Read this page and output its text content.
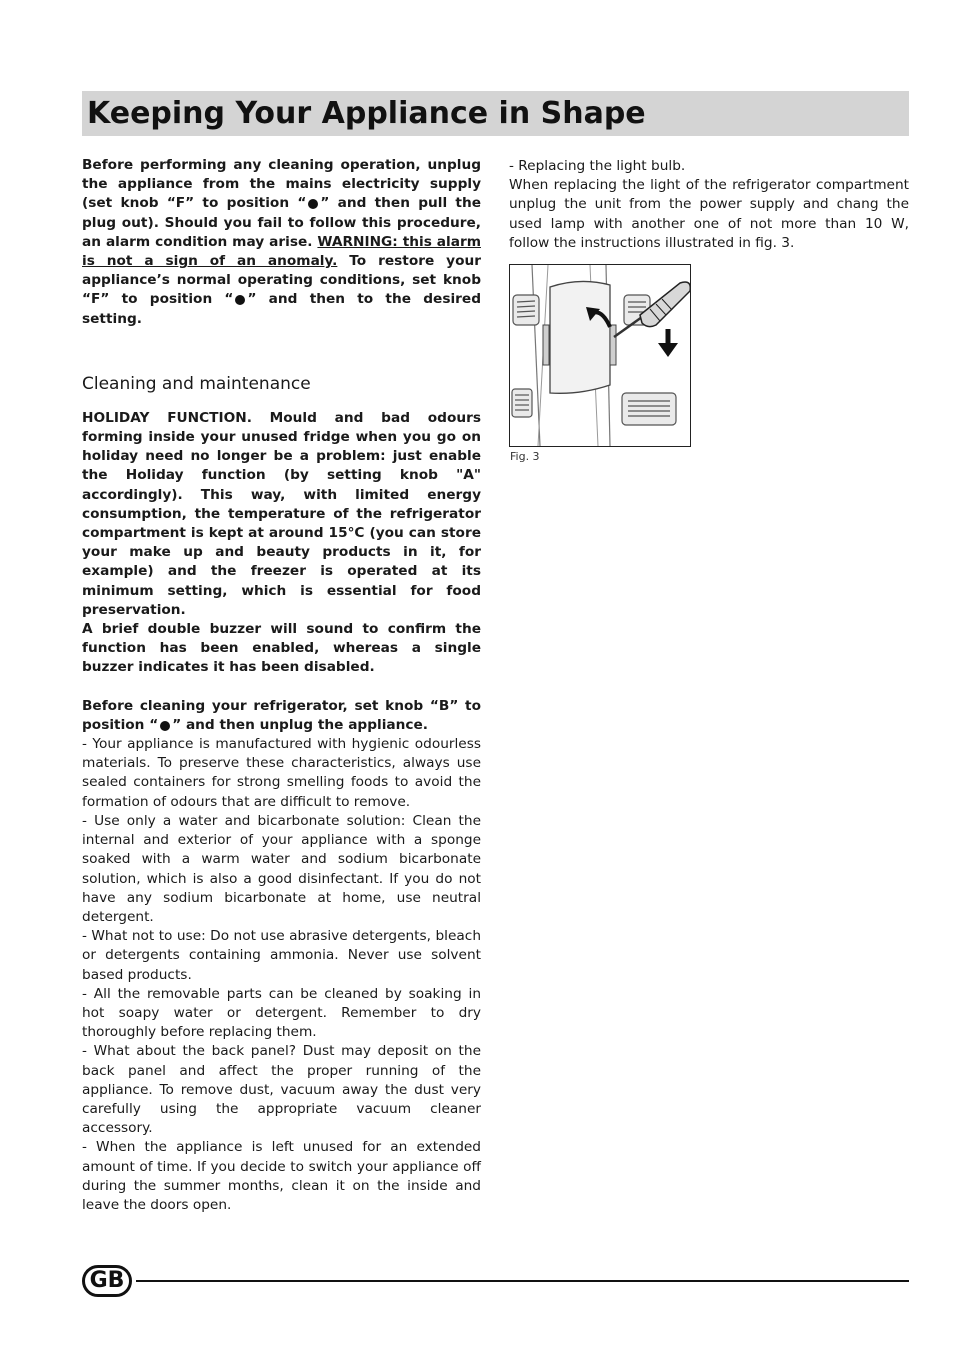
Keeping Your Appliance in Shape

Before performing any cleaning operation, unplug the appliance from the mains electricity supply (set knob “F” to position “ ” and then pull the plug out). Should you fail to follow this procedure, an alarm condition may arise. WARNING: this alarm is not a sign of an anomaly. To restore your appliance’s normal operating conditions, set knob “F” to position “ ” and then to the desired setting.

Cleaning and maintenance

HOLIDAY FUNCTION. Mould and bad odours forming inside your unused fridge when you go on holiday need no longer be a problem: just enable the Holiday function (by setting knob "A" accordingly). This way, with limited energy consumption, the temperature of the refrigerator compartment is kept at around 15°C (you can store your make up and beauty products in it, for example) and the freezer is operated at its minimum setting, which is essential for food preservation.

A brief double buzzer will sound to confirm the function has been enabled, whereas a single buzzer indicates it has been disabled.

Before cleaning your refrigerator, set knob “B” to position “ ” and then unplug the appliance.

- Your appliance is manufactured with hygienic odourless materials. To preserve these characteristics, always use sealed containers for strong smelling foods to avoid the formation of odours that are difficult to remove.

- Use only a water and bicarbonate solution: Clean the internal and exterior of your appliance with a sponge soaked with a warm water and sodium bicarbonate solution, which is also a good disinfectant. If you do not have any sodium bicarbonate at home, use neutral detergent.

- What not to use: Do not use abrasive detergents, bleach or detergents containing ammonia. Never use solvent based products.

- All the removable parts can be cleaned by soaking in hot soapy water or detergent. Remember to dry thoroughly before replacing them.

- What about the back panel? Dust may deposit on the back panel and affect the proper running of the appliance. To remove dust, vacuum away the dust very carefully using the appropriate vacuum cleaner accessory.

- When the appliance is left unused for an extended amount of time. If you decide to switch your appliance off during the summer months, clean it on the inside and leave the doors open.

- Replacing the light bulb.

When replacing the light of the refrigerator compartment unplug the unit from the power supply and chang the used lamp with another one of not more than 10 W, follow the instructions illustrated in fig. 3.

Fig. 3
GB
